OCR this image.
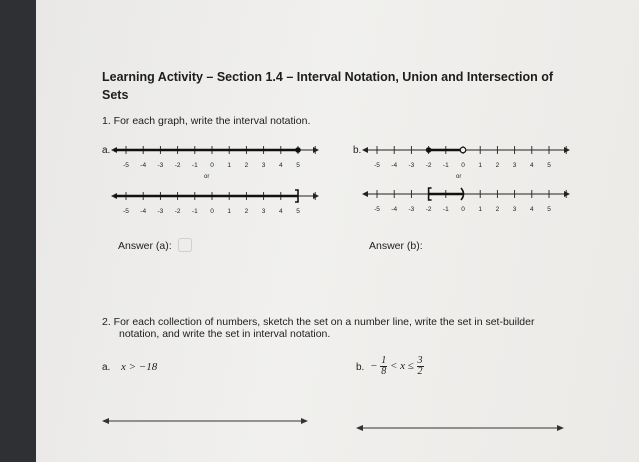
Learning Activity – Section 1.4 – Interval Notation, Union and Intersection of Sets
1. For each graph, write the interval notation.
a.	b.
-5 -4 -3 -2 -1 0 1 2 3 4 5
or
-5 -4 -3 -2 -1 0 1 2 3 4 5
-5 -4 -3 -2 -1 0 1 2 3 4 5
or
-5 -4 -3 -2 -1 0 1 2 3 4 5
Answer (a):	Answer (b):
2. For each collection of numbers, sketch the set on a number line, write the set in set-builder
notation, and write the set in interval notation.
a. x > −18	b. − $\frac{1}{8} < x \le \frac{3}{2}$
